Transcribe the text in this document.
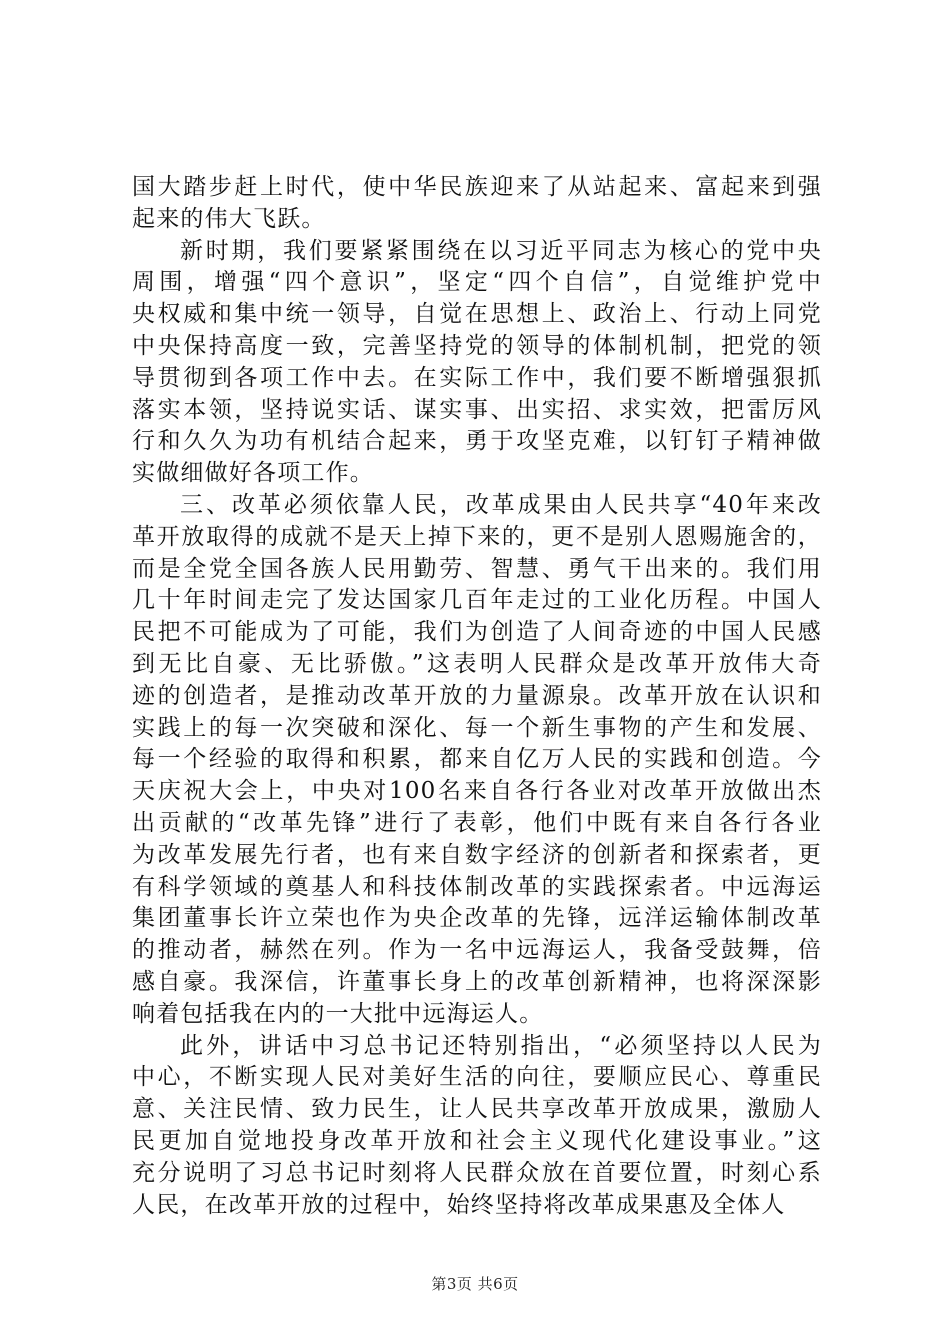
国大踏步赶上时代，使中华民族迎来了从站起来、富起来到强
起来的伟大飞跃。
新时期，我们要紧紧围绕在以习近平同志为核心的党中央
周围，增强“四个意识”，坚定“四个自信”，自觉维护党中
央权威和集中统一领导，自觉在思想上、政治上、行动上同党
中央保持高度一致，完善坚持党的领导的体制机制，把党的领
导贯彻到各项工作中去。在实际工作中，我们要不断增强狠抓
落实本领，坚持说实话、谋实事、出实招、求实效，把雷厉风
行和久久为功有机结合起来，勇于攻坚克难，以钉钉子精神做
实做细做好各项工作。
三、改革必须依靠人民，改革成果由人民共享“40年来改
革开放取得的成就不是天上掉下来的，更不是别人恩赐施舍的，
而是全党全国各族人民用勤劳、智慧、勇气干出来的。我们用
几十年时间走完了发达国家几百年走过的工业化历程。中国人
民把不可能成为了可能，我们为创造了人间奇迹的中国人民感
到无比自豪、无比骄傲。”这表明人民群众是改革开放伟大奇
迹的创造者，是推动改革开放的力量源泉。改革开放在认识和
实践上的每一次突破和深化、每一个新生事物的产生和发展、
每一个经验的取得和积累，都来自亿万人民的实践和创造。今
天庆祝大会上，中央对100名来自各行各业对改革开放做出杰
出贡献的“改革先锋”进行了表彰，他们中既有来自各行各业
为改革发展先行者，也有来自数字经济的创新者和探索者，更
有科学领域的奠基人和科技体制改革的实践探索者。中远海运
集团董事长许立荣也作为央企改革的先锋，远洋运输体制改革
的推动者，赫然在列。作为一名中远海运人，我备受鼓舞，倍
感自豪。我深信，许董事长身上的改革创新精神，也将深深影
响着包括我在内的一大批中远海运人。
此外，讲话中习总书记还特别指出，“必须坚持以人民为
中心，不断实现人民对美好生活的向往，要顺应民心、尊重民
意、关注民情、致力民生，让人民共享改革开放成果，激励人
民更加自觉地投身改革开放和社会主义现代化建设事业。”这
充分说明了习总书记时刻将人民群众放在首要位置，时刻心系
人民，在改革开放的过程中，始终坚持将改革成果惠及全体人
第3页 共6页
